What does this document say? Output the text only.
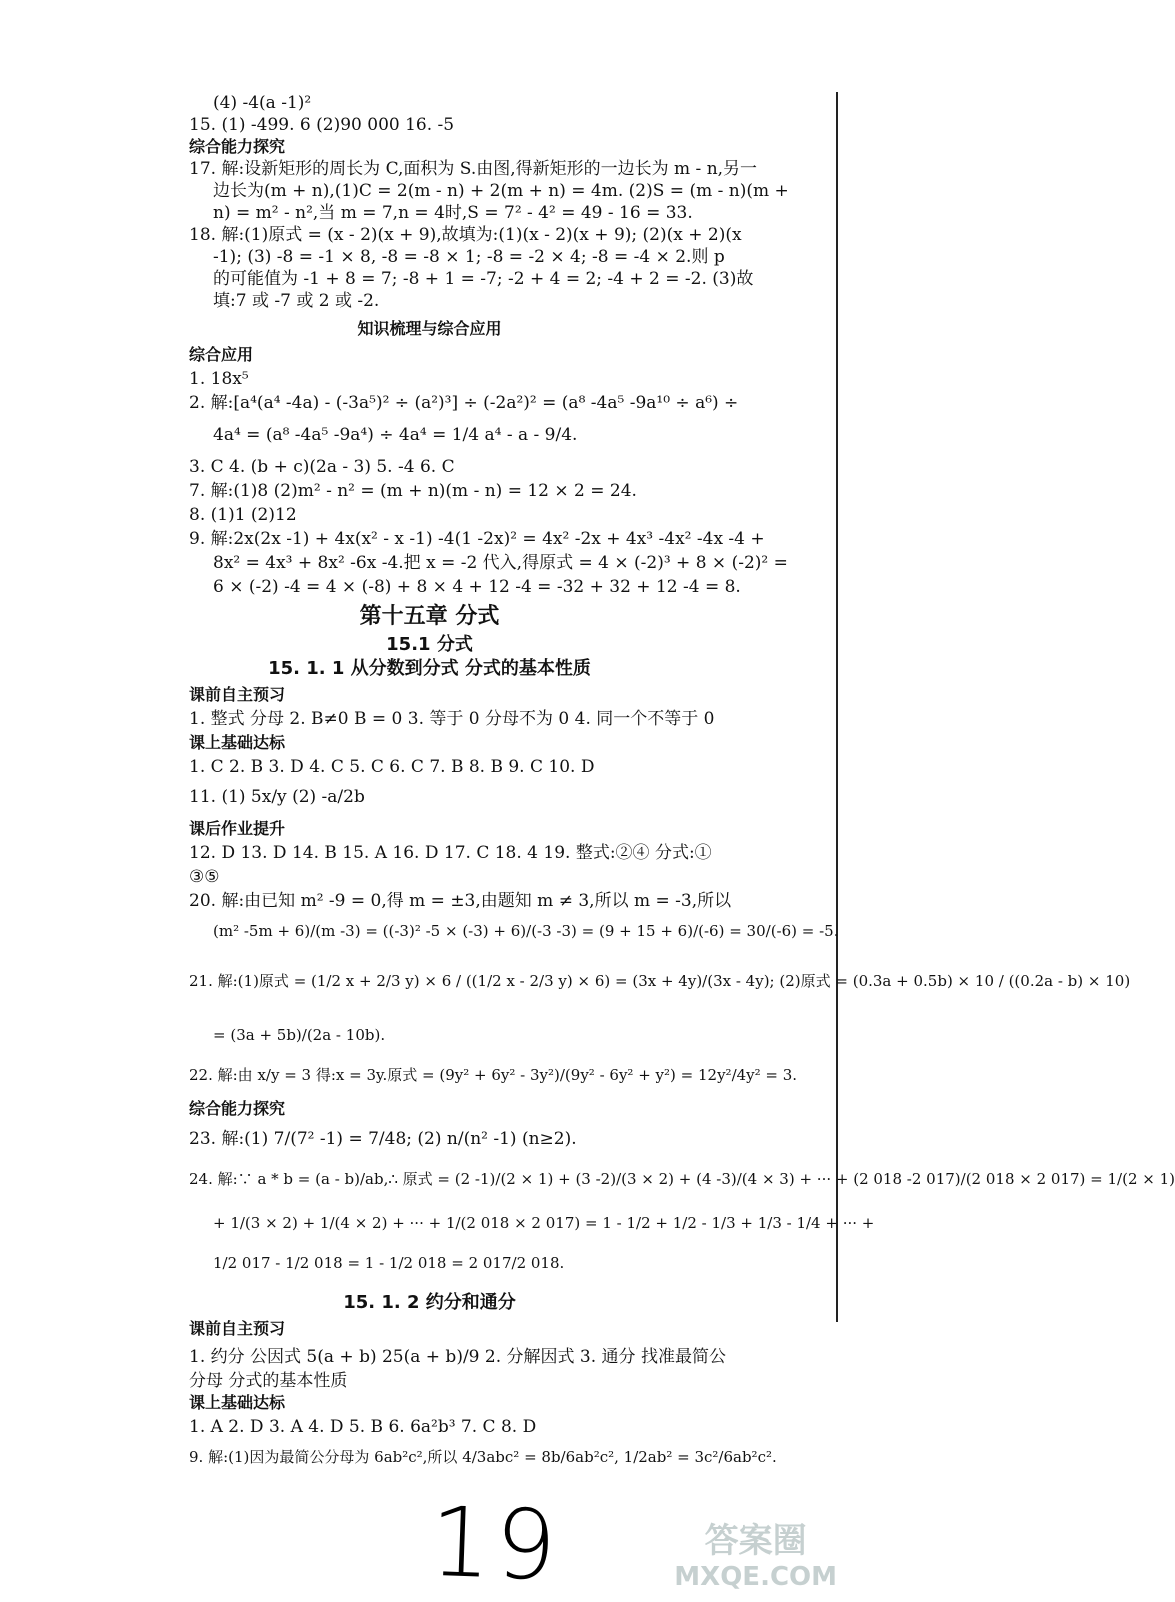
(4) -4(a -1)²
15. (1) -499. 6 (2)90 000 16. -5
综合能力探究
17. 解:设新矩形的周长为 C,面积为 S.由图,得新矩形的一边长为 m - n,另一
边长为(m + n),(1)C = 2(m - n) + 2(m + n) = 4m. (2)S = (m - n)(m +
n) = m² - n²,当 m = 7,n = 4时,S = 7² - 4² = 49 - 16 = 33.
18. 解:(1)原式 = (x - 2)(x + 9),故填为:(1)(x - 2)(x + 9); (2)(x + 2)(x
-1); (3) -8 = -1 × 8, -8 = -8 × 1; -8 = -2 × 4; -8 = -4 × 2.则 p
的可能值为 -1 + 8 = 7; -8 + 1 = -7; -2 + 4 = 2; -4 + 2 = -2. (3)故
填:7 或 -7 或 2 或 -2.
知识梳理与综合应用
综合应用
1. 18x⁵
2. 解:[a⁴(a⁴ -4a) - (-3a⁵)² ÷ (a²)³] ÷ (-2a²)² = (a⁸ -4a⁵ -9a¹⁰ ÷ a⁶) ÷
4a⁴ = (a⁸ -4a⁵ -9a⁴) ÷ 4a⁴ = 1/4 a⁴ - a - 9/4.
3. C 4. (b + c)(2a - 3) 5. -4 6. C
7. 解:(1)8 (2)m² - n² = (m + n)(m - n) = 12 × 2 = 24.
8. (1)1 (2)12
9. 解:2x(2x -1) + 4x(x² - x -1) -4(1 -2x)² = 4x² -2x + 4x³ -4x² -4x -4 +
8x² = 4x³ + 8x² -6x -4.把 x = -2 代入,得原式 = 4 × (-2)³ + 8 × (-2)² =
6 × (-2) -4 = 4 × (-8) + 8 × 4 + 12 -4 = -32 + 32 + 12 -4 = 8.
第十五章 分式
15.1 分式
15. 1. 1 从分数到分式 分式的基本性质
课前自主预习
1. 整式 分母 2. B≠0 B = 0 3. 等于 0 分母不为 0 4. 同一个不等于 0
课上基础达标
1. C 2. B 3. D 4. C 5. C 6. C 7. B 8. B 9. C 10. D
11. (1) 5x/y (2) -a/2b
课后作业提升
12. D 13. D 14. B 15. A 16. D 17. C 18. 4 19. 整式:②④ 分式:①
③⑤
20. 解:由已知 m² -9 = 0,得 m = ±3,由题知 m ≠ 3,所以 m = -3,所以
(m² -5m + 6)/(m -3) = ((-3)² -5 × (-3) + 6)/(-3 -3) = (9 + 15 + 6)/(-6) = 30/(-6) = -5.
21. 解:(1)原式 = (1/2 x + 2/3 y) × 6 / ((1/2 x - 2/3 y) × 6) = (3x + 4y)/(3x - 4y); (2)原式 = (0.3a + 0.5b) × 10 / ((0.2a - b) × 10)
= (3a + 5b)/(2a - 10b).
22. 解:由 x/y = 3 得:x = 3y.原式 = (9y² + 6y² - 3y²)/(9y² - 6y² + y²) = 12y²/4y² = 3.
综合能力探究
23. 解:(1) 7/(7² -1) = 7/48; (2) n/(n² -1) (n≥2).
24. 解:∵ a * b = (a - b)/ab,∴ 原式 = (2 -1)/(2 × 1) + (3 -2)/(3 × 2) + (4 -3)/(4 × 3) + ··· + (2 018 -2 017)/(2 018 × 2 017) = 1/(2 × 1)
+ 1/(3 × 2) + 1/(4 × 2) + ··· + 1/(2 018 × 2 017) = 1 - 1/2 + 1/2 - 1/3 + 1/3 - 1/4 + ··· +
1/2 017 - 1/2 018 = 1 - 1/2 018 = 2 017/2 018.
15. 1. 2 约分和通分
课前自主预习
1. 约分 公因式 5(a + b) 25(a + b)/9 2. 分解因式 3. 通分 找准最简公
分母 分式的基本性质
课上基础达标
1. A 2. D 3. A 4. D 5. B 6. 6a²b³ 7. C 8. D
9. 解:(1)因为最简公分母为 6ab²c²,所以 4/3abc² = 8b/6ab²c², 1/2ab² = 3c²/6ab²c².
19	答案圈
MXQE.COM
